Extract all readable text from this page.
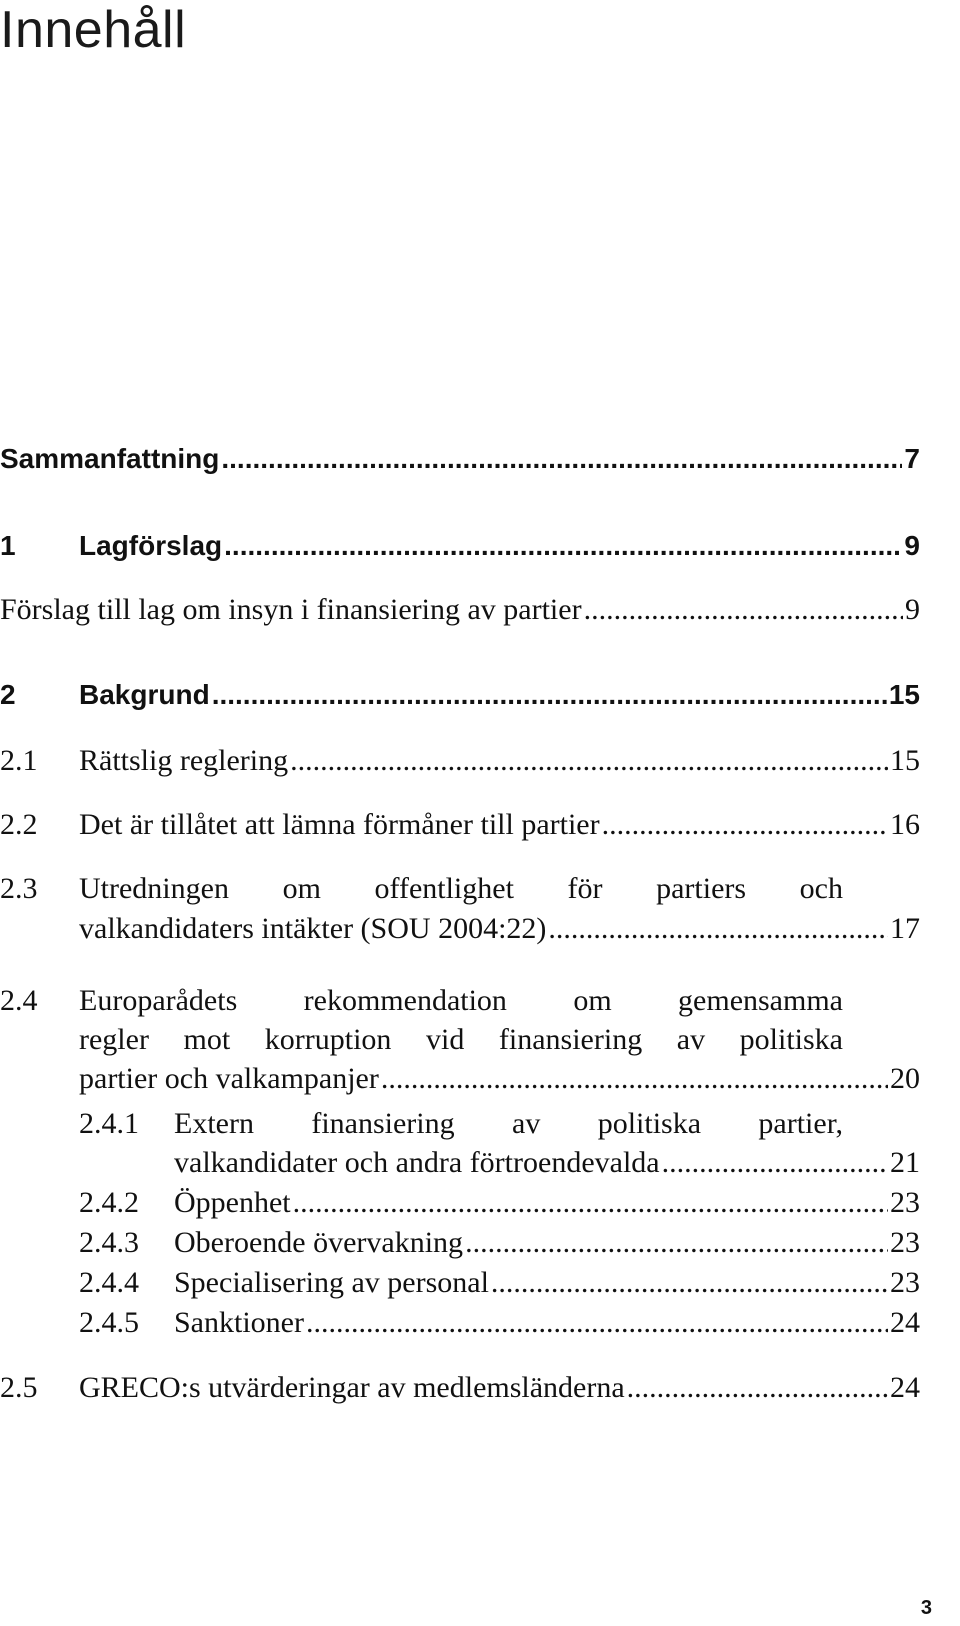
Innehåll
Sammanfattning .....	7
1 Lagförslag .....	9
Förslag till lag om insyn i finansiering av partier .....	9
2 Bakgrund .....	15
2.1 Rättslig reglering .....	15
2.2 Det är tillåtet att lämna förmåner till partier .....	16
2.3 Utredningen om offentlighet för partiers och
valkandidaters intäkter (SOU 2004:22) .....	17
2.4 Europarådets rekommendation om gemensamma
regler mot korruption vid finansiering av politiska
partier och valkampanjer .....	20
2.4.1 Extern finansiering av politiska partier,
valkandidater och andra förtroendevalda .....	21
2.4.2 Öppenhet .....	23
2.4.3 Oberoende övervakning .....	23
2.4.4 Specialisering av personal .....	23
2.4.5 Sanktioner .....	24
2.5 GRECO:s utvärderingar av medlemsländerna .....	24
3
